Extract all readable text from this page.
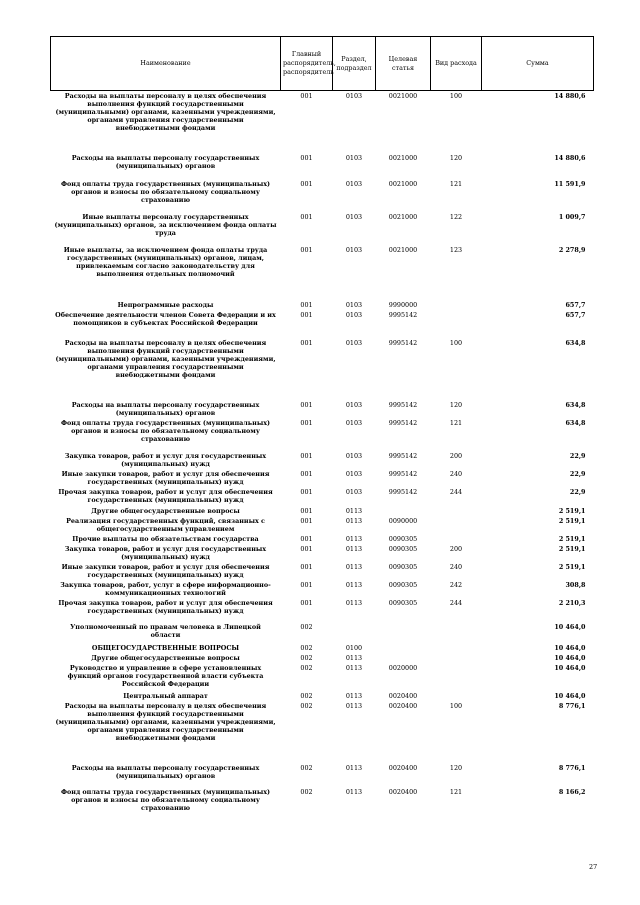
Наименование	Главный распорядитель, распорядитель	Раздел, подраздел	Целевая статья	Вид расхода	Сумма
Расходы на выплаты персоналу в целях обеспечения выполнения функций государственными (муниципальными) органами, казенными учреждениями, органами управления государственными внебюджетными фондами	001	0103	0021000	100	14 880,6
Расходы на выплаты персоналу государственных (муниципальных) органов	001	0103	0021000	120	14 880,6
Фонд оплаты труда государственных (муниципальных) органов и взносы по обязательному социальному страхованию	001	0103	0021000	121	11 591,9
Иные выплаты персоналу государственных (муниципальных) органов, за исключением фонда оплаты труда	001	0103	0021000	122	1 009,7
Иные выплаты, за исключением фонда оплаты труда государственных (муниципальных) органов, лицам, привлекаемым согласно законодательству для выполнения отдельных полномочий	001	0103	0021000	123	2 278,9
Непрограммные расходы	001	0103	9990000		657,7
Обеспечение деятельности членов Совета Федерации и их помощников в субъектах Российской Федерации	001	0103	9995142		657,7
Расходы на выплаты персоналу в целях обеспечения выполнения функций государственными (муниципальными) органами, казенными учреждениями, органами управления государственными внебюджетными фондами	001	0103	9995142	100	634,8
Расходы на выплаты персоналу государственных (муниципальных) органов	001	0103	9995142	120	634,8
Фонд оплаты труда государственных (муниципальных) органов и взносы по обязательному социальному страхованию	001	0103	9995142	121	634,8
Закупка товаров, работ и услуг для государственных (муниципальных) нужд	001	0103	9995142	200	22,9
Иные закупки товаров, работ и услуг для обеспечения государственных (муниципальных) нужд	001	0103	9995142	240	22,9
Прочая закупка товаров, работ и услуг для обеспечения государственных (муниципальных) нужд	001	0103	9995142	244	22,9
Другие общегосударственные вопросы	001	0113			2 519,1
Реализация государственных функций, связанных с общегосударственным управлением	001	0113	0090000		2 519,1
Прочие выплаты по обязательствам государства	001	0113	0090305		2 519,1
Закупка товаров, работ и услуг для государственных (муниципальных) нужд	001	0113	0090305	200	2 519,1
Иные закупки товаров, работ и услуг для обеспечения государственных (муниципальных) нужд	001	0113	0090305	240	2 519,1
Закупка товаров, работ, услуг в сфере информационно-коммуникационных технологий	001	0113	0090305	242	308,8
Прочая закупка товаров, работ и услуг для обеспечения государственных (муниципальных) нужд	001	0113	0090305	244	2 210,3
Уполномоченный по правам человека в Липецкой области	002				10 464,0
ОБЩЕГОСУДАРСТВЕННЫЕ ВОПРОСЫ	002	0100			10 464,0
Другие общегосударственные вопросы	002	0113			10 464,0
Руководство и управление в сфере установленных функций органов государственной власти субъекта Российской Федерации	002	0113	0020000		10 464,0
Центральный аппарат	002	0113	0020400		10 464,0
Расходы на выплаты персоналу в целях обеспечения выполнения функций государственными (муниципальными) органами, казенными учреждениями, органами управления государственными внебюджетными фондами	002	0113	0020400	100	8 776,1
Расходы на выплаты персоналу государственных (муниципальных) органов	002	0113	0020400	120	8 776,1
Фонд оплаты труда государственных (муниципальных) органов и взносы по обязательному социальному страхованию	002	0113	0020400	121	8 166,2
27
